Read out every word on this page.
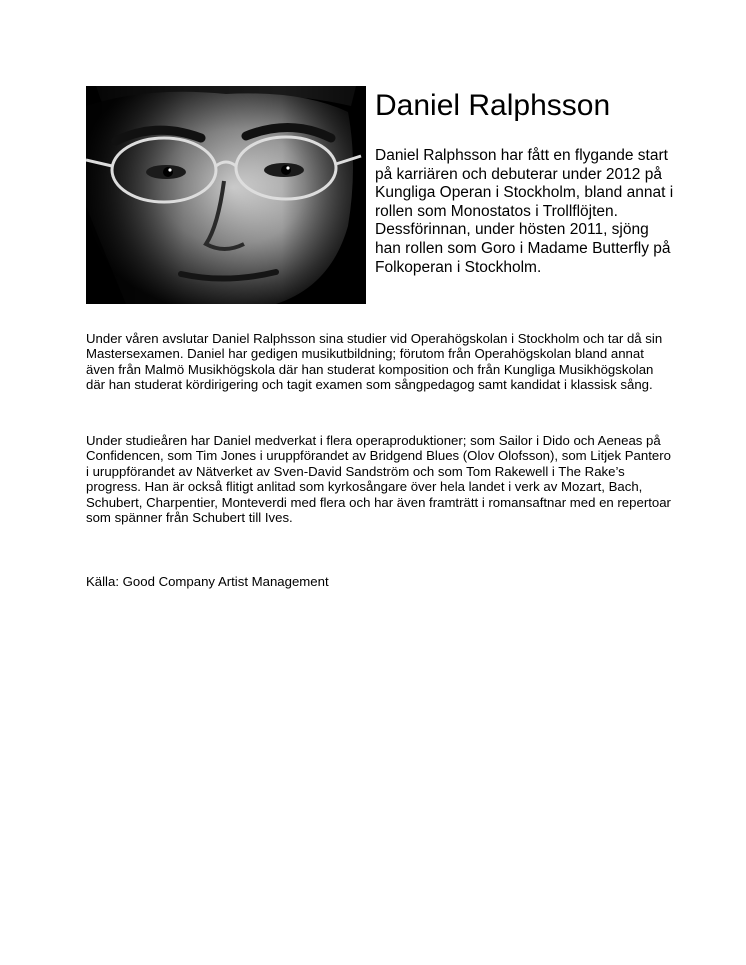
Daniel Ralphsson

Daniel Ralphsson har fått en flygande start på karriären och debuterar under 2012 på Kungliga Operan i Stockholm, bland annat i rollen som Monostatos i Trollflöjten. Dessförinnan, under hösten 2011, sjöng han rollen som Goro i Madame Butterfly på Folkoperan i Stockholm.

Under våren avslutar Daniel Ralphsson sina studier vid Operahögskolan i Stockholm och tar då sin Mastersexamen. Daniel har gedigen musikutbildning; förutom från Operahögskolan bland annat även från Malmö Musikhögskola där han studerat komposition och från Kungliga Musikhögskolan där han studerat kördirigering och tagit examen som sångpedagog samt kandidat i klassisk sång.

Under studieåren har Daniel medverkat i flera operaproduktioner; som Sailor i Dido och Aeneas på Confidencen, som Tim Jones i uruppförandet av Bridgend Blues (Olov Olofsson), som Litjek Pantero i uruppförandet av Nätverket av Sven-David Sandström och som Tom Rakewell i The Rake’s progress. Han är också flitigt anlitad som kyrkosångare över hela landet i verk av Mozart, Bach, Schubert, Charpentier, Monteverdi med flera och har även framträtt i romansaftnar med en repertoar som spänner från Schubert till Ives.

Källa: Good Company Artist Management
